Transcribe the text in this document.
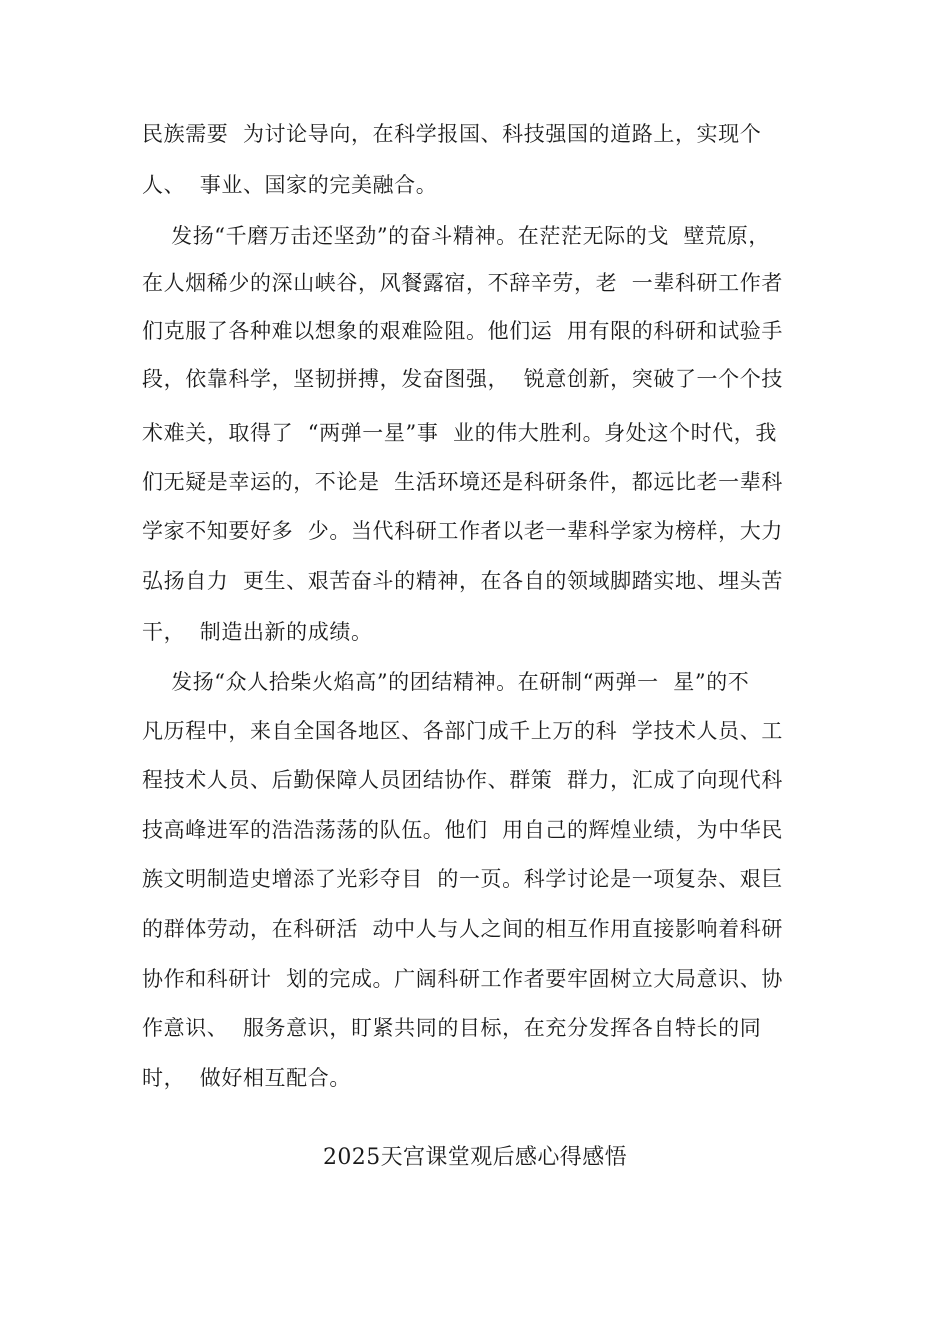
民族需要  为讨论导向，在科学报国、科技强国的道路上，实现个
人、  事业、国家的完美融合。
发扬“千磨万击还坚劲”的奋斗精神。在茫茫无际的戈  壁荒原，
在人烟稀少的深山峡谷，风餐露宿，不辞辛劳，老  一辈科研工作者
们克服了各种难以想象的艰难险阻。他们运  用有限的科研和试验手
段，依靠科学，坚韧拼搏，发奋图强，  锐意创新，突破了一个个技
术难关，取得了  “两弹一星”事  业的伟大胜利。身处这个时代，我
们无疑是幸运的，不论是  生活环境还是科研条件，都远比老一辈科
学家不知要好多  少。当代科研工作者以老一辈科学家为榜样，大力
弘扬自力  更生、艰苦奋斗的精神，在各自的领域脚踏实地、埋头苦
干，  制造出新的成绩。
发扬“众人拾柴火焰高”的团结精神。在研制“两弹一  星”的不
凡历程中，来自全国各地区、各部门成千上万的科  学技术人员、工
程技术人员、后勤保障人员团结协作、群策  群力，汇成了向现代科
技高峰进军的浩浩荡荡的队伍。他们  用自己的辉煌业绩，为中华民
族文明制造史增添了光彩夺目  的一页。科学讨论是一项复杂、艰巨
的群体劳动，在科研活  动中人与人之间的相互作用直接影响着科研
协作和科研计  划的完成。广阔科研工作者要牢固树立大局意识、协
作意识、  服务意识，盯紧共同的目标，在充分发挥各自特长的同
时，  做好相互配合。
2025天宫课堂观后感心得感悟
